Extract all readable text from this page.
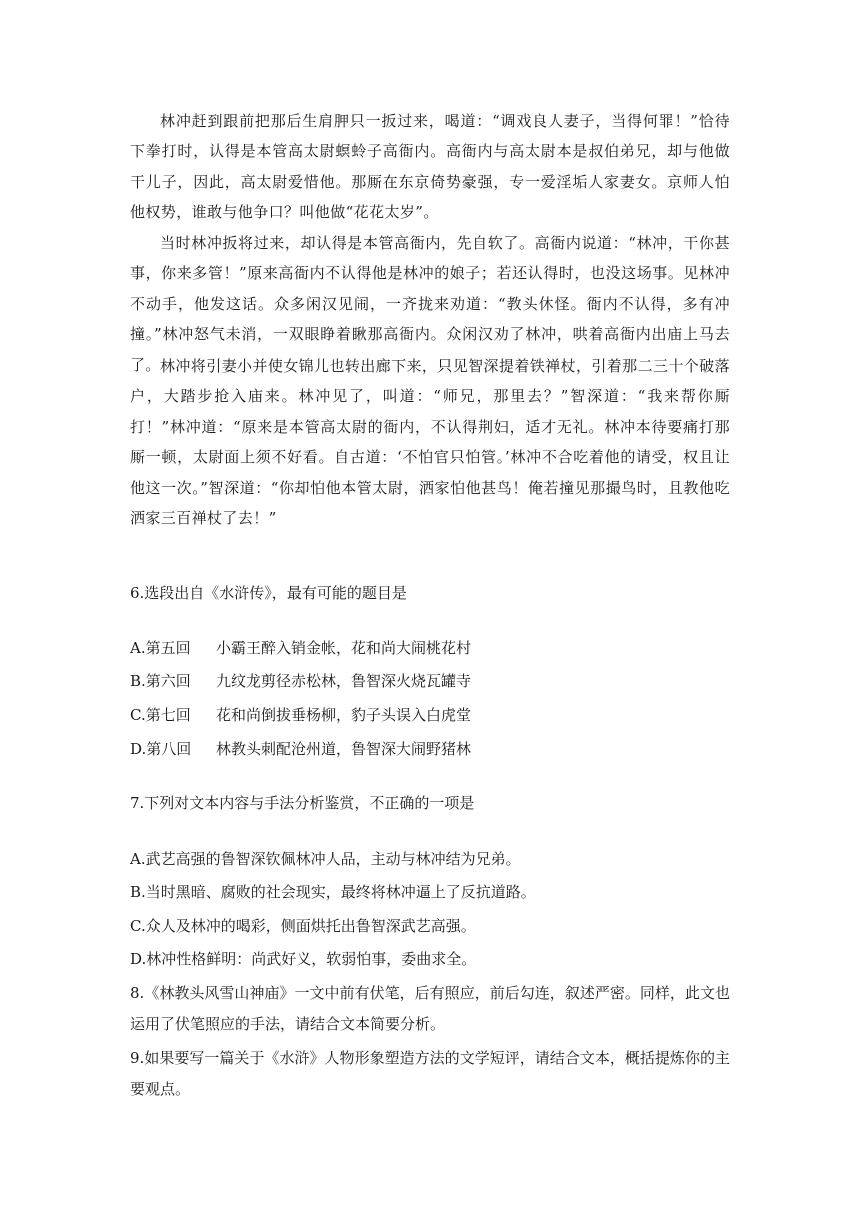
林冲赶到跟前把那后生肩胛只一扳过来，喝道：“调戏良人妻子，当得何罪！”恰待下拳打时，认得是本管高太尉螟蛉子高衙内。高衙内与高太尉本是叔伯弟兄，却与他做干儿子，因此，高太尉爱惜他。那厮在东京倚势豪强，专一爱淫垢人家妻女。京师人怕他权势，谁敢与他争口？叫他做“花花太岁”。

当时林冲扳将过来，却认得是本管高衙内，先自软了。高衙内说道：“林冲，干你甚事，你来多管！”原来高衙内不认得他是林冲的娘子；若还认得时，也没这场事。见林冲不动手，他发这话。众多闲汉见闹，一齐拢来劝道：“教头休怪。衙内不认得，多有冲撞。”林冲怒气未消，一双眼睁着瞅那高衙内。众闲汉劝了林冲，哄着高衙内出庙上马去了。 林冲将引妻小并使女锦儿也转出廊下来，只见智深提着铁禅杖，引着那二三十个破落户，大踏步抢入庙来。林冲见了，叫道：“师兄，那里去？”智深道：“我来帮你厮打！”林冲道：“原来是本管高太尉的衙内，不认得荆妇，适才无礼。林冲本待要痛打那厮一顿，太尉面上须不好看。自古道：‘不怕官只怕管。’林冲不合吃着他的请受，权且让他这一次。”智深道：“你却怕他本管太尉，洒家怕他甚鸟！俺若撞见那撮鸟时，且教他吃洒家三百禅杖了去！”

6.选段出自《水浒传》，最有可能的题目是

A.第五回 小霸王醉入销金帐，花和尚大闹桃花村

B.第六回 九纹龙剪径赤松林，鲁智深火烧瓦罐寺

C.第七回 花和尚倒拔垂杨柳，豹子头误入白虎堂

D.第八回 林教头刺配沧州道，鲁智深大闹野猪林

7.下列对文本内容与手法分析鉴赏，不正确的一项是

A.武艺高强的鲁智深钦佩林冲人品，主动与林冲结为兄弟。

B.当时黑暗、腐败的社会现实，最终将林冲逼上了反抗道路。

C.众人及林冲的喝彩，侧面烘托出鲁智深武艺高强。

D.林冲性格鲜明：尚武好义，软弱怕事，委曲求全。

8.《林教头风雪山神庙》一文中前有伏笔，后有照应，前后勾连，叙述严密。同样，此文也运用了伏笔照应的手法，请结合文本简要分析。

9.如果要写一篇关于《水浒》人物形象塑造方法的文学短评，请结合文本，概括提炼你的主要观点。
